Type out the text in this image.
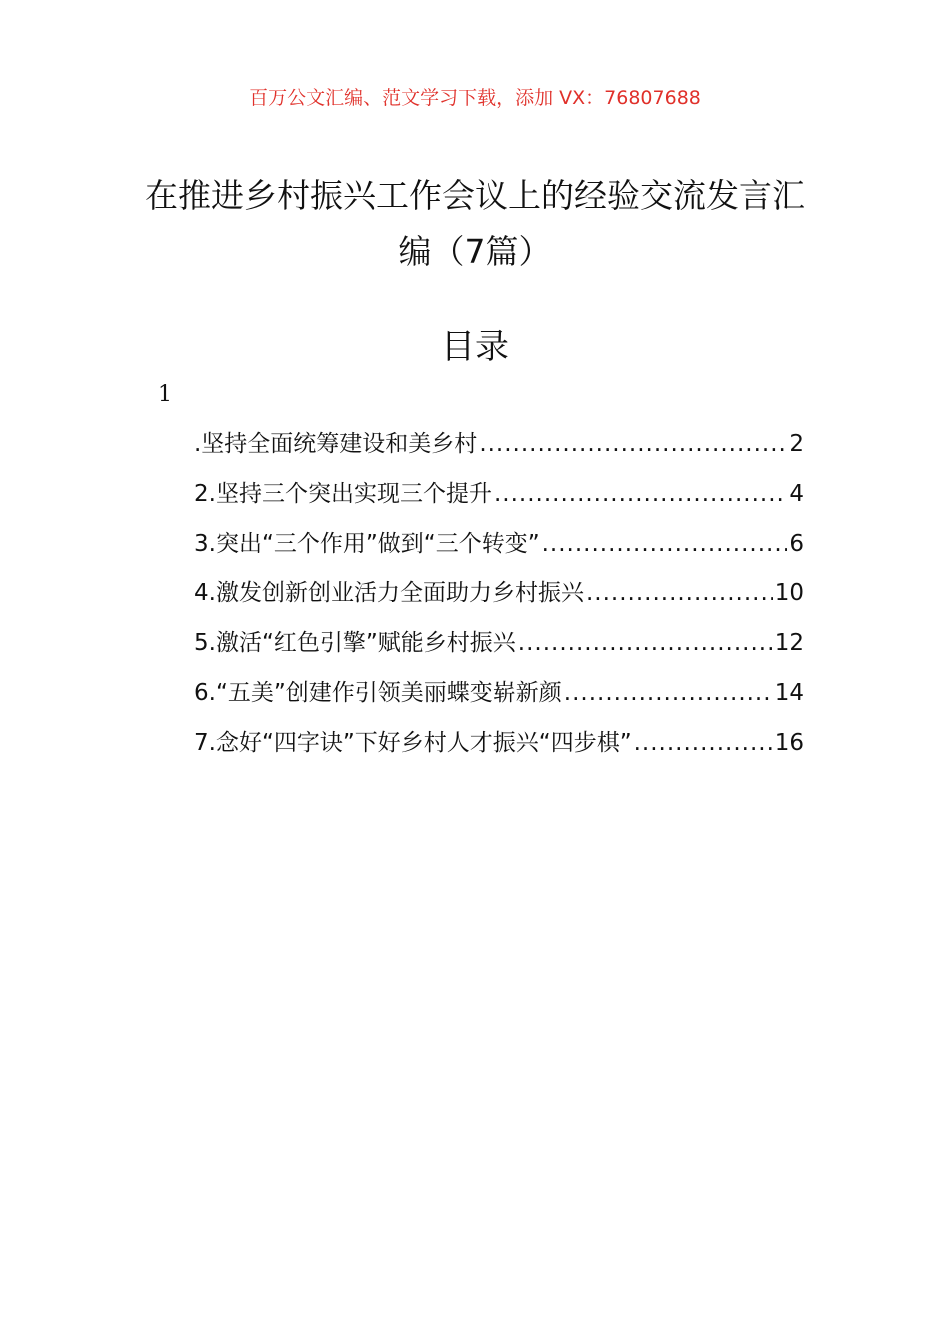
百万公文汇编、范文学习下载，添加 VX：76807688
在推进乡村振兴工作会议上的经验交流发言汇编（7篇）
目录
1
.坚持全面统筹建设和美乡村 .....	2
2.坚持三个突出实现三个提升 .....	4
3.突出“三个作用”做到“三个转变” .....	6
4.激发创新创业活力全面助力乡村振兴 .....	10
5.激活“红色引擎”赋能乡村振兴 .....	12
6.“五美”创建作引领美丽蝶变崭新颜 .....	14
7.念好“四字诀”下好乡村人才振兴“四步棋” .....	16
